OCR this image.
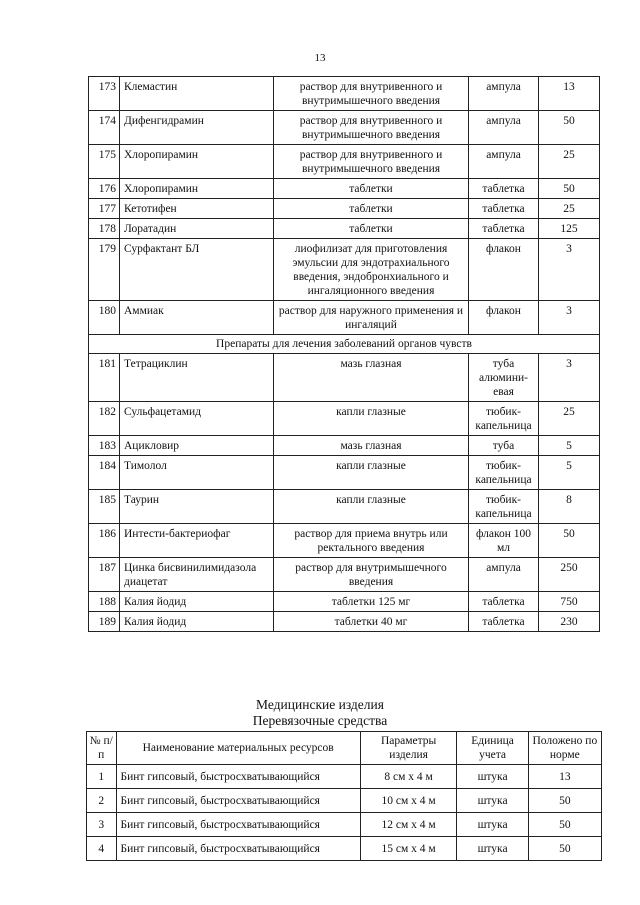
13
173	Клемастин	раствор для внутривенного и внутримышечного введения	ампула	13
174	Дифенгидрамин	раствор для внутривенного и внутримышечного введения	ампула	50
175	Хлоропирамин	раствор для внутривенного и внутримышечного введения	ампула	25
176	Хлоропирамин	таблетки	таблетка	50
177	Кетотифен	таблетки	таблетка	25
178	Лоратадин	таблетки	таблетка	125
179	Сурфактант БЛ	лиофилизат для приготовления эмульсии для эндотрахиального введения, эндобронхиального и ингаляционного введения	флакон	3
180	Аммиак	раствор для наружного применения и ингаляций	флакон	3
Препараты для лечения заболеваний органов чувств				
181	Тетрациклин	мазь глазная	туба алюмини-евая	3
182	Сульфацетамид	капли глазные	тюбик-капельница	25
183	Ацикловир	мазь глазная	туба	5
184	Тимолол	капли глазные	тюбик-капельница	5
185	Таурин	капли глазные	тюбик-капельница	8
186	Интести-бактериофаг	раствор для приема внутрь или ректального введения	флакон 100 мл	50
187	Цинка бисвинилимидазола диацетат	раствор для внутримышечного введения	ампула	250
188	Калия йодид	таблетки 125 мг	таблетка	750
189	Калия йодид	таблетки 40 мг	таблетка	230
Медицинские изделия
Перевязочные средства
№ п/п	Наименование материальных ресурсов	Параметры изделия	Единица учета	Положено по норме
1	Бинт гипсовый, быстросхватывающийся	8 см х 4 м	штука	13
2	Бинт гипсовый, быстросхватывающийся	10 см х 4 м	штука	50
3	Бинт гипсовый, быстросхватывающийся	12 см х 4 м	штука	50
4	Бинт гипсовый, быстросхватывающийся	15 см х 4 м	штука	50
